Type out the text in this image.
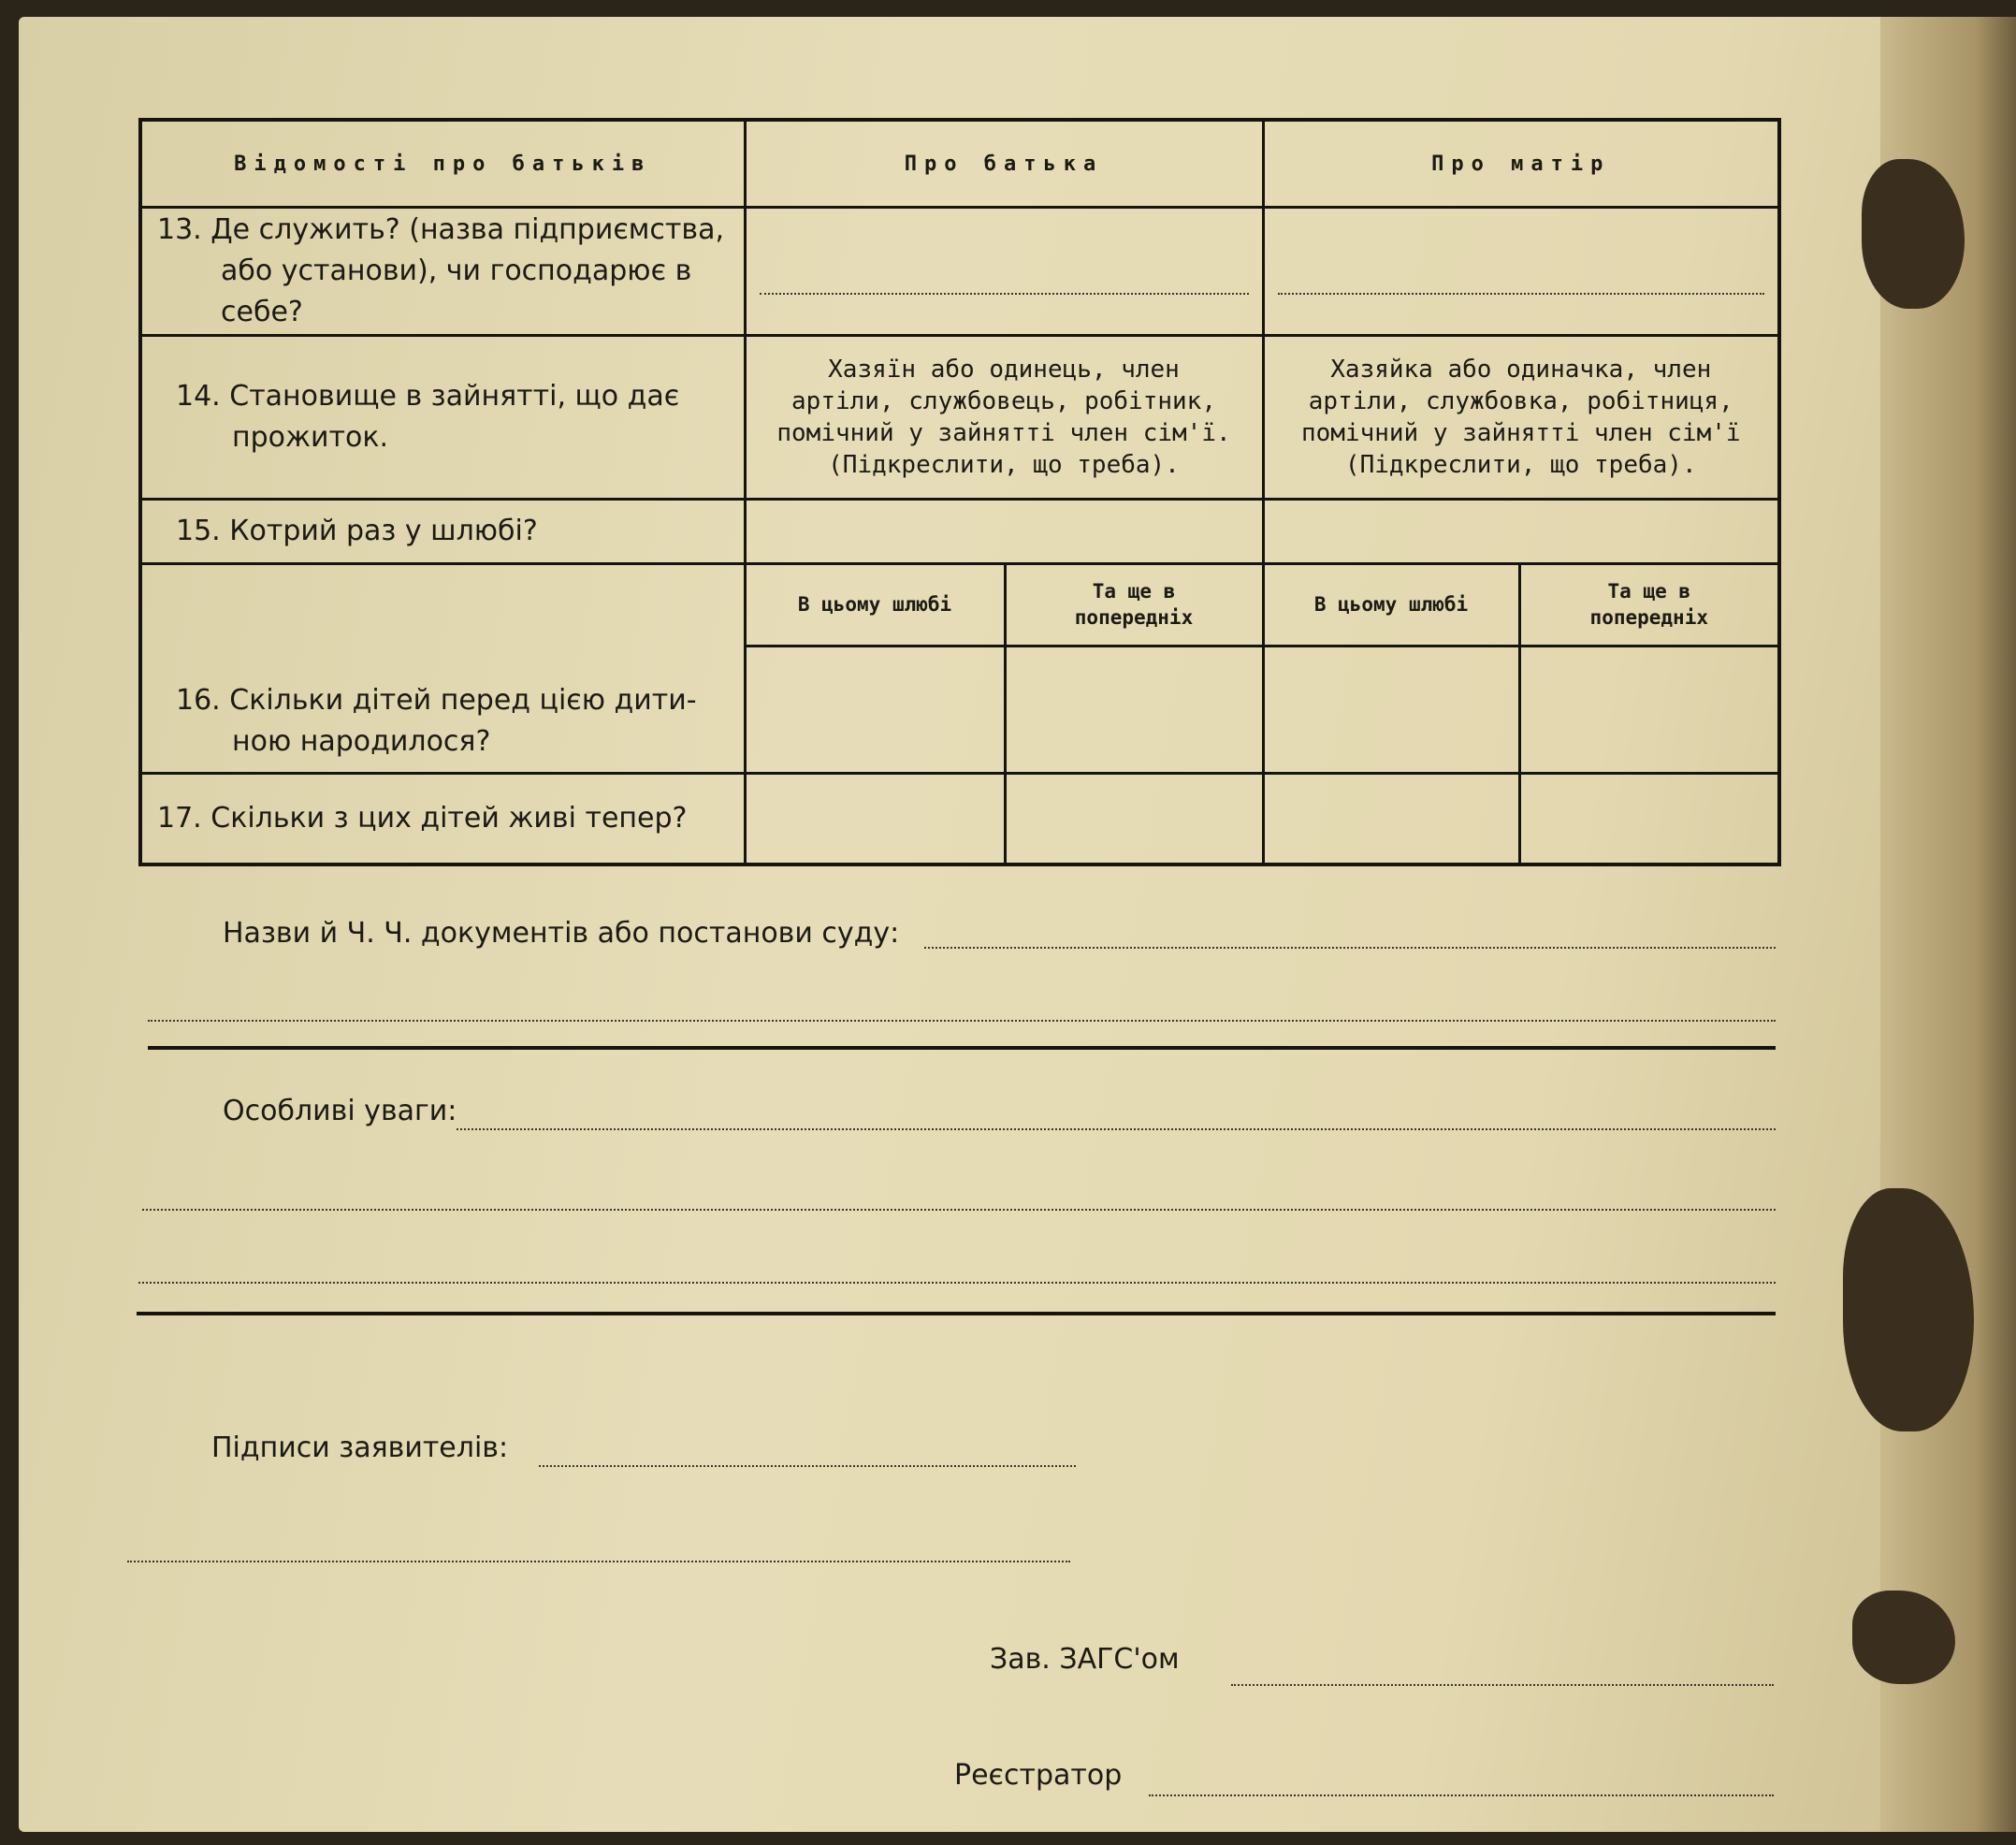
Відомості про батьків	Про батька		Про матір	
13. Де служить? (назва підприємства,
або установи), чи господарює в себе?				

14. Становище в зайнятті, що дає
прожиток.	Хазяїн або одинець, член артіли, службовець, робітник, помічний у зайнятті член сім'ї. (Підкреслити, що треба).		Хазяйка або одиначка, член артіли, службовка, робітниця, помічний у зайнятті член сім'ї (Підкреслити, що треба).	
15. Котрий раз у шлюбі?				
16. Скільки дітей перед цією дити-
ною народилося?	В цьому шлюбі	Та ще в попередніх	В цьому шлюбі	Та ще в попередніх

17. Скільки з цих дітей живі тепер?				
Назви й Ч. Ч. документів або постанови суду:
Особливі уваги:
Підписи заявителів:
Зав. ЗАГС'ом
Реєстратор
